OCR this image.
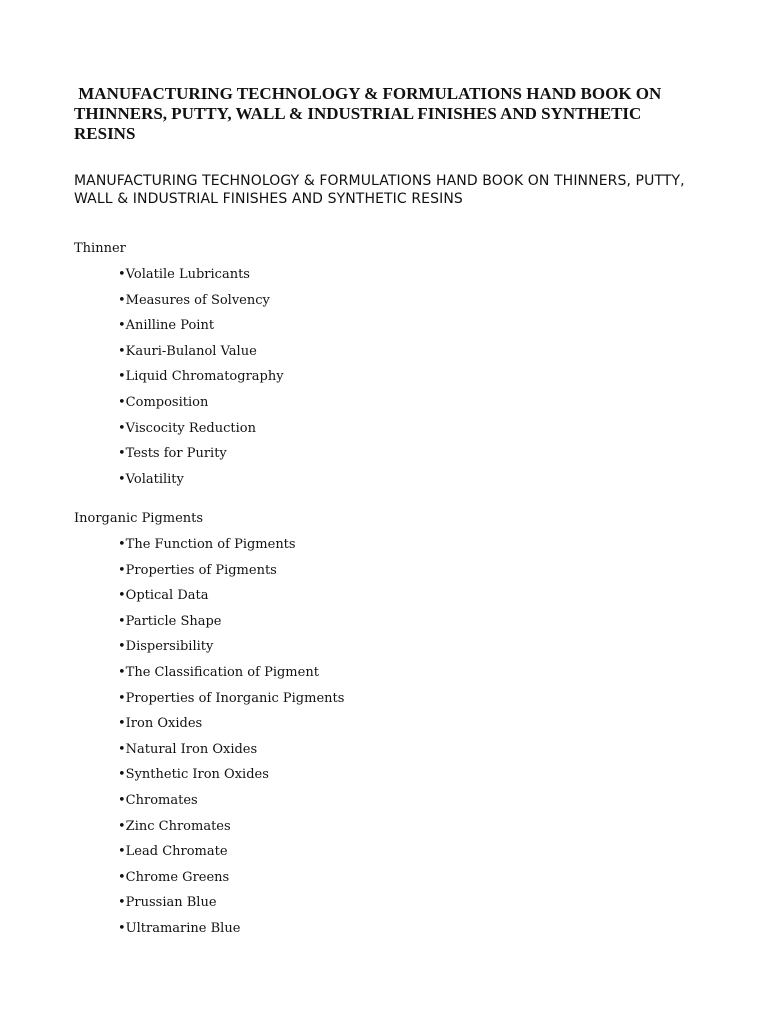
MANUFACTURING TECHNOLOGY & FORMULATIONS HAND BOOK ON THINNERS, PUTTY, WALL & INDUSTRIAL FINISHES AND SYNTHETIC RESINS

MANUFACTURING TECHNOLOGY & FORMULATIONS HAND BOOK ON THINNERS, PUTTY, WALL & INDUSTRIAL FINISHES AND SYNTHETIC RESINS

Thinner
•Volatile Lubricants
•Measures of Solvency
•Anilline Point
•Kauri-Bulanol Value
•Liquid Chromatography
•Composition
•Viscocity Reduction
•Tests for Purity
•Volatility
Inorganic Pigments
•The Function of Pigments
•Properties of Pigments
•Optical Data
•Particle Shape
•Dispersibility
•The Classification of Pigment
•Properties of Inorganic Pigments
•Iron Oxides
•Natural Iron Oxides
•Synthetic Iron Oxides
•Chromates
•Zinc Chromates
•Lead Chromate
•Chrome Greens
•Prussian Blue
•Ultramarine Blue
